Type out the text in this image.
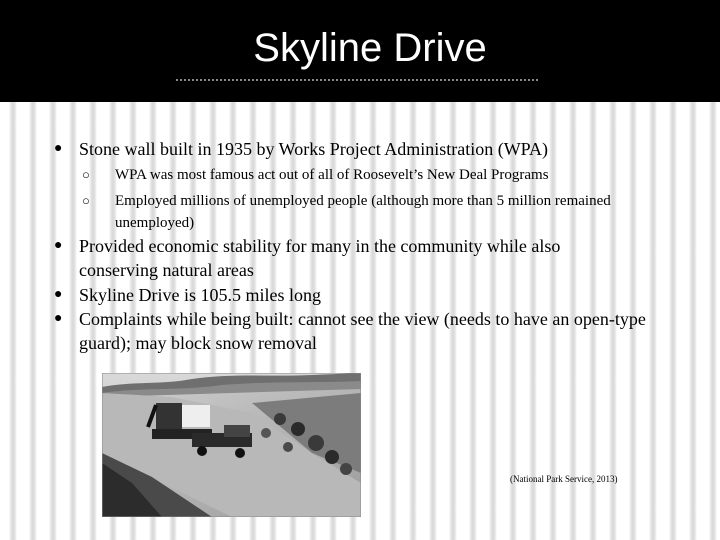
Skyline Drive
● Stone wall built in 1935 by Works Project Administration (WPA)
○ WPA was most famous act out of all of Roosevelt’s New Deal Programs
○ Employed millions of unemployed people (although more than 5 million remained unemployed)
● Provided economic stability for many in the community while also conserving natural areas
● Skyline Drive is 105.5 miles long
● Complaints while being built: cannot see the view (needs to have an open-type guard); may block snow removal
(National Park Service, 2013)
